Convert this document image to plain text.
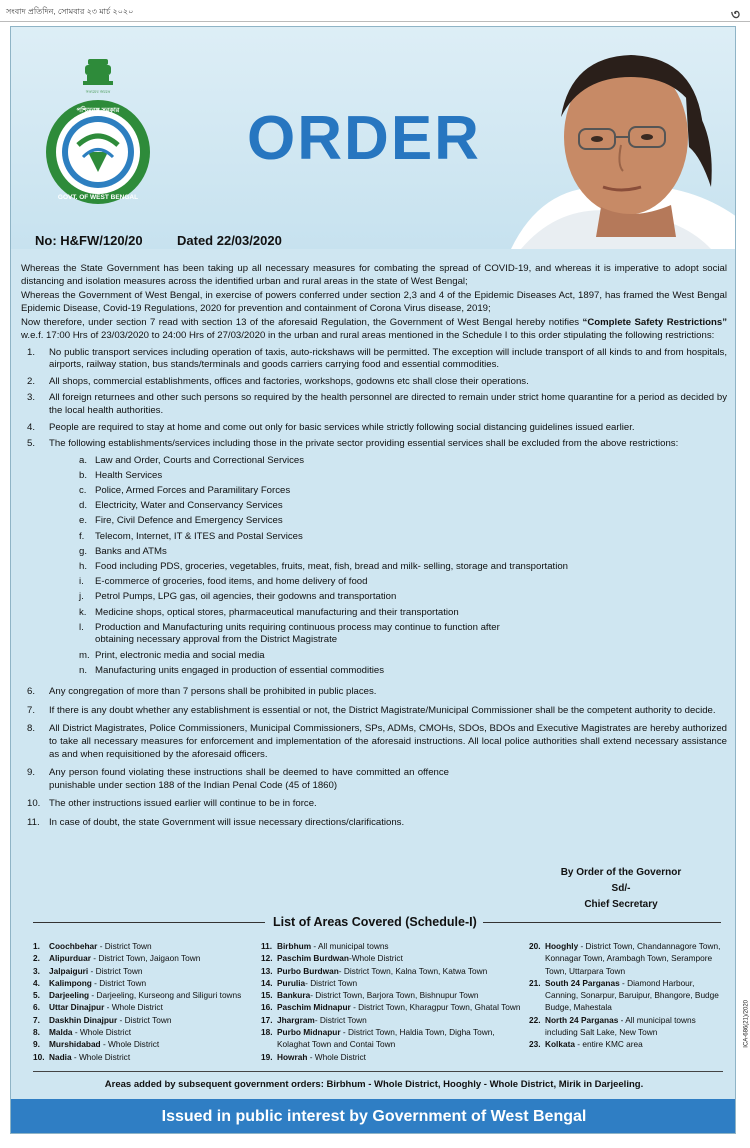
সংবাদ প্রতিদিন, সোমবার ২৩ মার্চ ২০২০	৩
সত্যমেব জয়তে
পশ্চিমবঙ্গ সরকার
GOVT. OF WEST BENGAL
ORDER
No: H&FW/120/20	Dated 22/03/2020

Whereas the State Government has been taking up all necessary measures for combating the spread of COVID-19, and whereas it is imperative to adopt social distancing and isolation measures across the identified urban and rural areas in the state of West Bengal;

Whereas the Government of West Bengal, in exercise of powers conferred under section 2,3 and 4 of the Epidemic Diseases Act, 1897, has framed the West Bengal Epidemic Disease, Covid-19 Regulations, 2020 for prevention and containment of Corona Virus disease, 2019;

Now therefore, under section 7 read with section 13 of the aforesaid Regulation, the Government of West Bengal hereby notifies “Complete Safety Restrictions” w.e.f. 17:00 Hrs of 23/03/2020 to 24:00 Hrs of 27/03/2020 in the urban and rural areas mentioned in the Schedule I to this order stipulating the following restrictions:

1.	No public transport services including operation of taxis, auto-rickshaws will be permitted. The exception will include transport of all kinds to and from hospitals, airports, railway station, bus stands/terminals and goods carriers carrying food and essential commodities.
2.	All shops, commercial establishments, offices and factories, workshops, godowns etc shall close their operations.
3.	All foreign returnees and other such persons so required by the health personnel are directed to remain under strict home quarantine for a period as decided by the local health authorities.
4.	People are required to stay at home and come out only for basic services while strictly following social distancing guidelines issued earlier.
5.	The following establishments/services including those in the private sector providing essential services shall be excluded from the above restrictions:
a. Law and Order, Courts and Correctional Services
b. Health Services
c. Police, Armed Forces and Paramilitary Forces
d. Electricity, Water and Conservancy Services
e. Fire, Civil Defence and Emergency Services
f.	Telecom, Internet, IT & ITES and Postal Services
g. Banks and ATMs
h. Food including PDS, groceries, vegetables, fruits, meat, fish, bread and milk- selling, storage and transportation
i.	E-commerce of groceries, food items, and home delivery of food
j.	Petrol Pumps, LPG gas, oil agencies, their godowns and transportation
k. Medicine shops, optical stores, pharmaceutical manufacturing and their transportation
l.	Production and Manufacturing units requiring continuous process may continue to function after obtaining necessary approval from the District Magistrate
m. Print, electronic media and social media
n. Manufacturing units engaged in production of essential commodities
6.	Any congregation of more than 7 persons shall be prohibited in public places.
7.	If there is any doubt whether any establishment is essential or not, the District Magistrate/Municipal Commissioner shall be the competent authority to decide.
8.	All District Magistrates, Police Commissioners, Municipal Commissioners, SPs, ADMs, CMOHs, SDOs, BDOs and Executive Magistrates are hereby authorized to take all necessary measures for enforcement and implementation of the aforesaid instructions. All local police authorities shall extend necessary assistance as and when requisitioned by the aforesaid officers.
9.	Any person found violating these instructions shall be deemed to have committed an offence punishable under section 188 of the Indian Penal Code (45 of 1860)
10. The other instructions issued earlier will continue to be in force.
11. In case of doubt, the state Government will issue necessary directions/clarifications.
By Order of the Governor
Sd/-
Chief Secretary
List of Areas Covered (Schedule-I)
1.	Coochbehar - District Town
2.	Alipurduar - District Town, Jaigaon Town
3.	Jalpaiguri - District Town
4.	Kalimpong - District Town
5.	Darjeeling - Darjeeling, Kurseong and Siliguri towns
6.	Uttar Dinajpur - Whole District
7.	Daskhin Dinajpur - District Town
8.	Malda - Whole District
9.	Murshidabad - Whole District
10. Nadia - Whole District
11. Birbhum - All municipal towns
12. Paschim Burdwan-Whole District
13. Purbo Burdwan- District Town, Kalna Town, Katwa Town
14. Purulia- District Town
15. Bankura- District Town, Barjora Town, Bishnupur Town
16. Paschim Midnapur - District Town, Kharagpur Town, Ghatal Town
17. Jhargram- District Town
18. Purbo Midnapur - District Town, Haldia Town, Digha Town,
Kolaghat Town and Contai Town
19. Howrah - Whole District
20. Hooghly - District Town, Chandannagore Town,
Konnagar Town, Arambagh Town, Serampore
Town, Uttarpara Town
21. South 24 Parganas - Diamond Harbour,
Canning, Sonarpur, Baruipur, Bhangore, Budge
Budge, Mahestala
22. North 24 Parganas - All municipal towns
including Salt Lake, New Town
23. Kolkata - entire KMC area
Areas added by subsequent government orders: Birbhum - Whole District, Hooghly - Whole District, Mirik in Darjeeling.
Issued in public interest by Government of West Bengal
ICA-686(21)/2020
